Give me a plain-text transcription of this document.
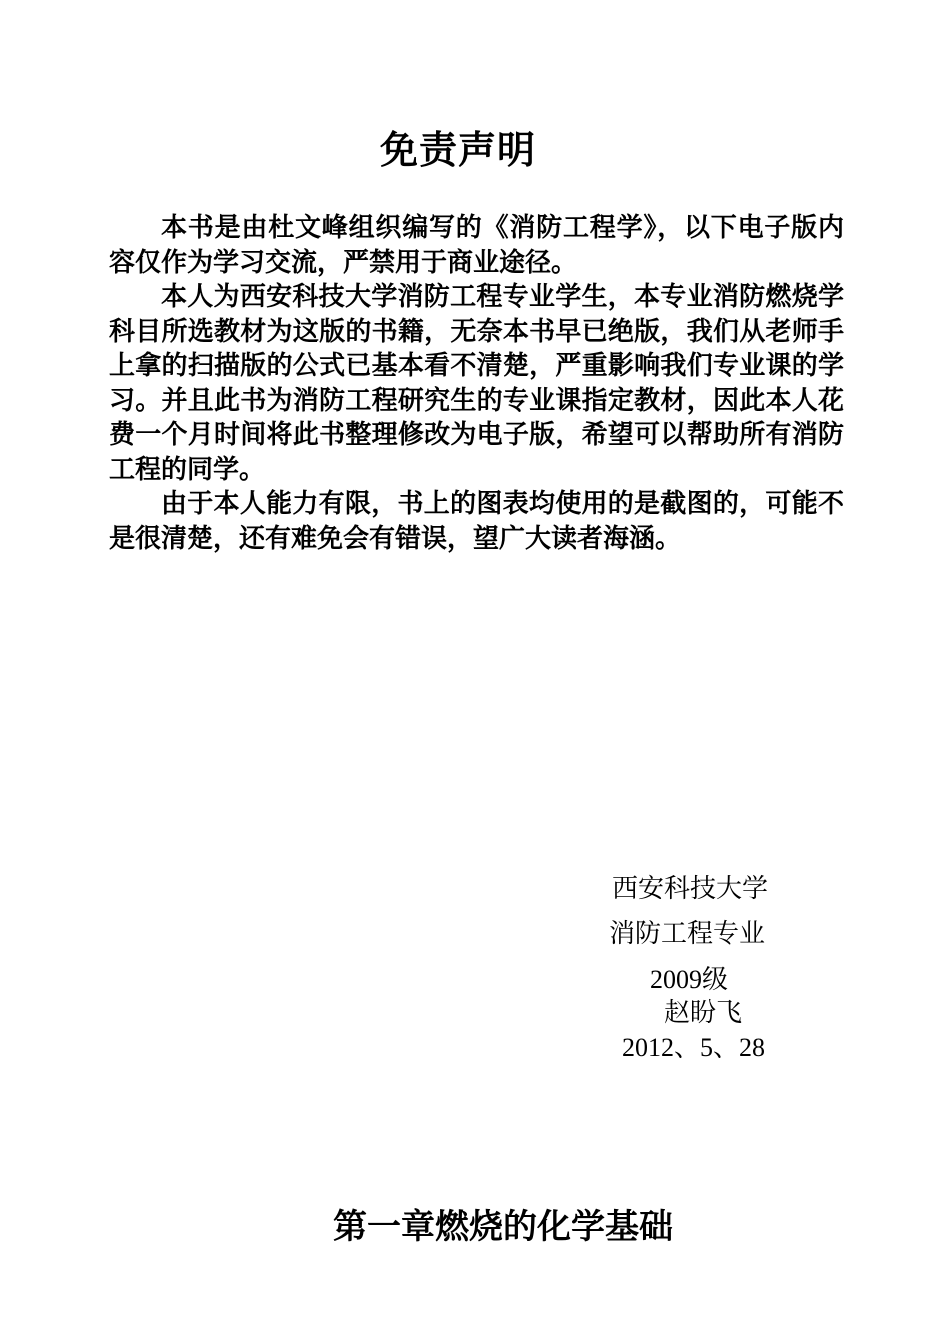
免责声明

本书是由杜文峰组织编写的《消防工程学》，以下电子版内容仅作为学习交流，严禁用于商业途径。

本人为西安科技大学消防工程专业学生，本专业消防燃烧学科目所选教材为这版的书籍，无奈本书早已绝版，我们从老师手上拿的扫描版的公式已基本看不清楚，严重影响我们专业课的学习。并且此书为消防工程研究生的专业课指定教材，因此本人花费一个月时间将此书整理修改为电子版，希望可以帮助所有消防工程的同学。

由于本人能力有限，书上的图表均使用的是截图的，可能不是很清楚，还有难免会有错误，望广大读者海涵。

西安科技大学
消防工程专业
2009级
赵盼飞
2012、5、28
第一章燃烧的化学基础
